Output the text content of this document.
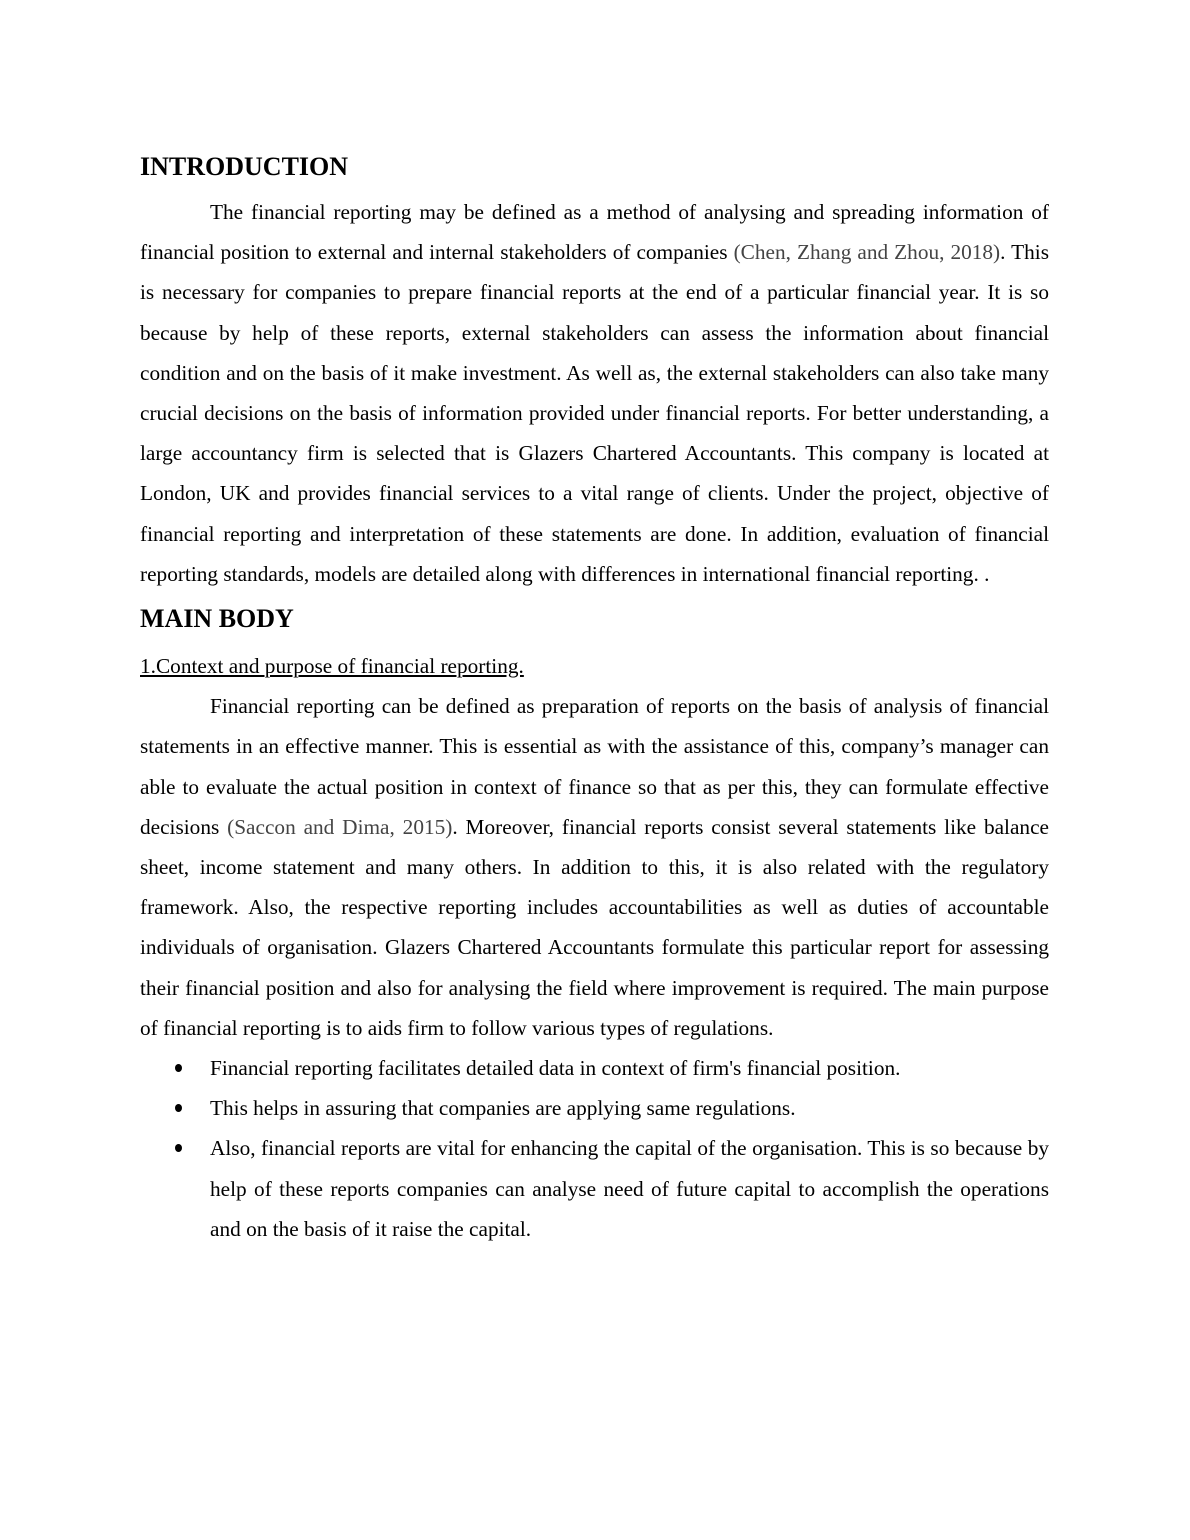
INTRODUCTION

The financial reporting may be defined as a method of analysing and spreading information of financial position to external and internal stakeholders of companies (Chen, Zhang and Zhou, 2018). This is necessary for companies to prepare financial reports at the end of a particular financial year. It is so because by help of these reports, external stakeholders can assess the information about financial condition and on the basis of it make investment. As well as, the external stakeholders can also take many crucial decisions on the basis of information provided under financial reports. For better understanding, a large accountancy firm is selected that is Glazers Chartered Accountants. This company is located at London, UK and provides financial services to a vital range of clients. Under the project, objective of financial reporting and interpretation of these statements are done. In addition, evaluation of financial reporting standards, models are detailed along with differences in international financial reporting. .

MAIN BODY

1.Context and purpose of financial reporting.

Financial reporting can be defined as preparation of reports on the basis of analysis of financial statements in an effective manner. This is essential as with the assistance of this, company’s manager can able to evaluate the actual position in context of finance so that as per this, they can formulate effective decisions (Saccon and Dima, 2015). Moreover, financial reports consist several statements like balance sheet, income statement and many others. In addition to this, it is also related with the regulatory framework. Also, the respective reporting includes accountabilities as well as duties of accountable individuals of organisation. Glazers Chartered Accountants formulate this particular report for assessing their financial position and also for analysing the field where improvement is required. The main purpose of financial reporting is to aids firm to follow various types of regulations.

Financial reporting facilitates detailed data in context of firm's financial position.
This helps in assuring that companies are applying same regulations.
Also, financial reports are vital for enhancing the capital of the organisation. This is so because by help of these reports companies can analyse need of future capital to accomplish the operations and on the basis of it raise the capital.
